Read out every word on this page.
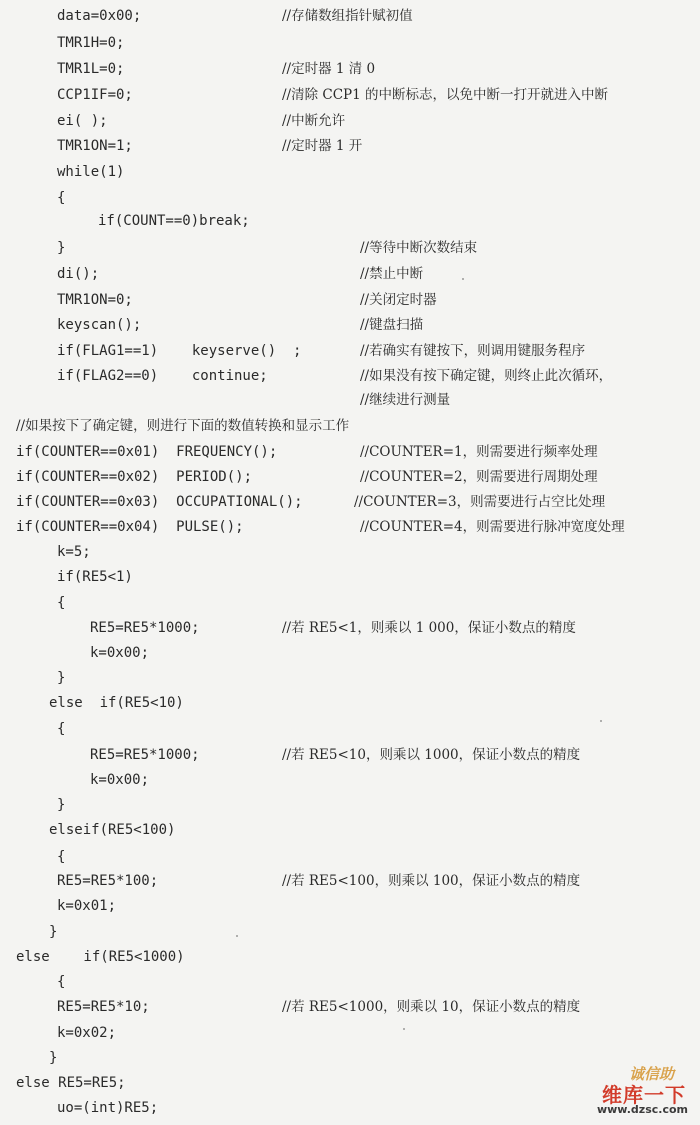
data=0x00;	//存储数组指针赋初值
TMR1H=0;
TMR1L=0;	//定时器 1 清 0
CCP1IF=0;	//清除 CCP1 的中断标志，以免中断一打开就进入中断
ei( );	//中断允许
TMR1ON=1;	//定时器 1 开
while(1)
{
if(COUNT==0)break;
}	//等待中断次数结束
di();	//禁止中断
TMR1ON=0;	//关闭定时器
keyscan();	//键盘扫描
if(FLAG1==1)    keyserve()  ;	//若确实有键按下，则调用键服务程序
if(FLAG2==0)    continue;	//如果没有按下确定键，则终止此次循环，
//继续进行测量
//如果按下了确定键，则进行下面的数值转换和显示工作
if(COUNTER==0x01)  FREQUENCY();	//COUNTER=1，则需要进行频率处理
if(COUNTER==0x02)  PERIOD();	//COUNTER=2，则需要进行周期处理
if(COUNTER==0x03)  OCCUPATIONAL();	//COUNTER=3，则需要进行占空比处理
if(COUNTER==0x04)  PULSE();	//COUNTER=4，则需要进行脉冲宽度处理
k=5;
if(RE5<1)
{
RE5=RE5*1000;	//若 RE5<1，则乘以 1 000，保证小数点的精度
k=0x00;
}
else  if(RE5<10)
{
RE5=RE5*1000;	//若 RE5<10，则乘以 1000，保证小数点的精度
k=0x00;
}
elseif(RE5<100)
{
RE5=RE5*100;	//若 RE5<100，则乘以 100，保证小数点的精度
k=0x01;
}
else    if(RE5<1000)
{
RE5=RE5*10;	//若 RE5<1000，则乘以 10，保证小数点的精度
k=0x02;
}
else RE5=RE5;
uo=(int)RE5;
诚信助
维库一下
www.dzsc.com
